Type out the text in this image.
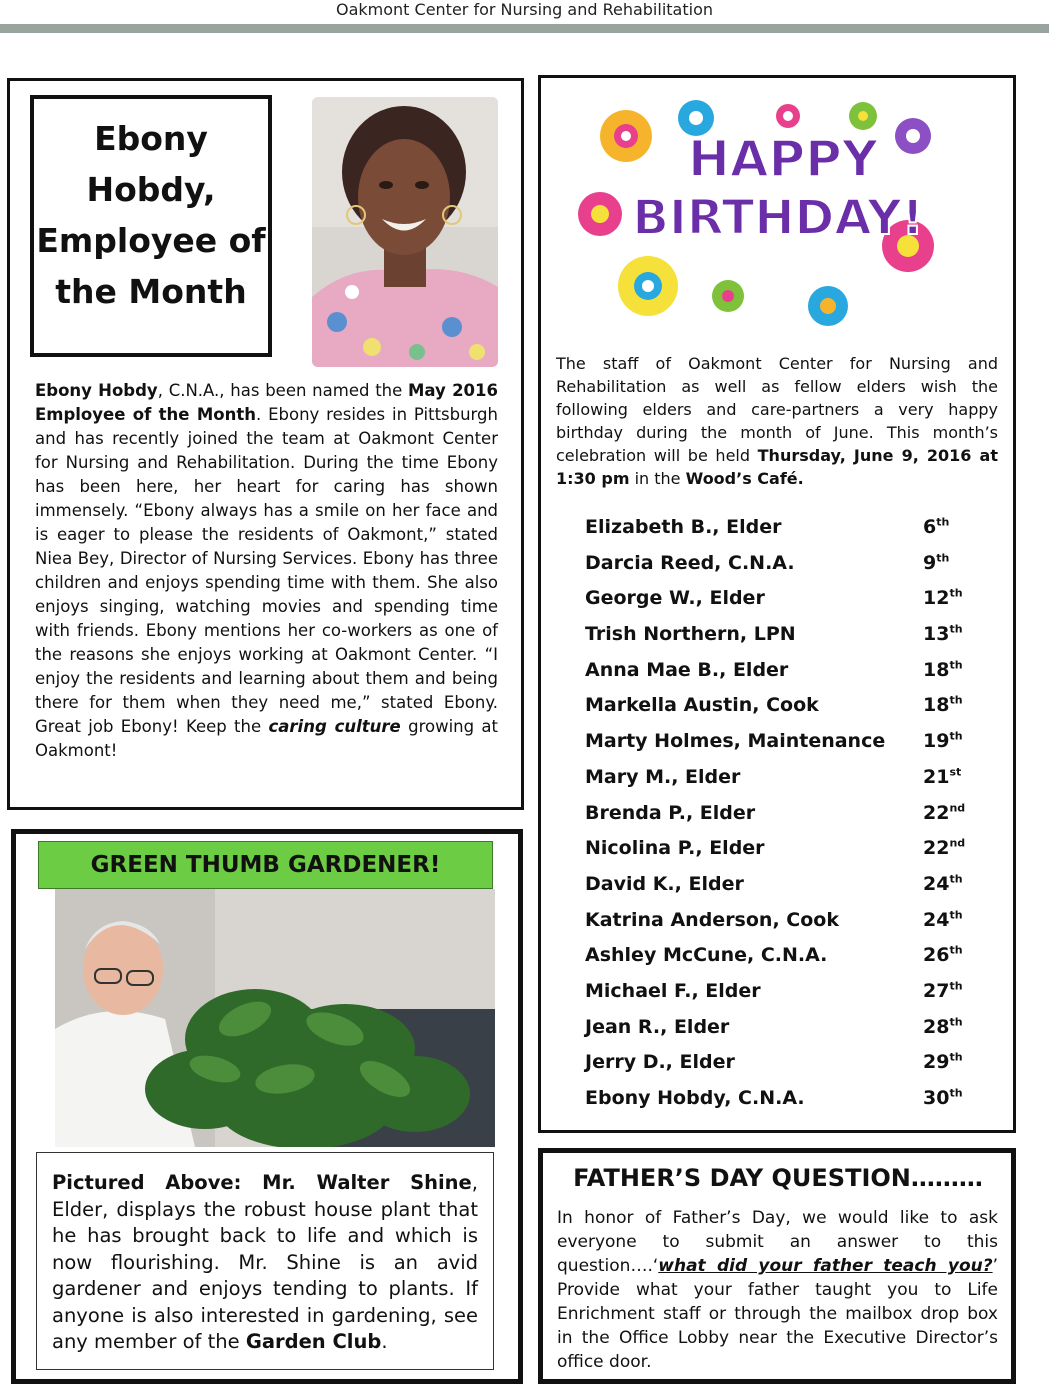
Oakmont Center for Nursing and Rehabilitation
Ebony Hobdy, Employee of the Month
Ebony Hobdy, C.N.A., has been named the May 2016 Employee of the Month. Ebony resides in Pittsburgh and has recently joined the team at Oakmont Center for Nursing and Rehabilitation. During the time Ebony has been here, her heart for caring has shown immensely. “Ebony always has a smile on her face and is eager to please the residents of Oakmont,” stated Niea Bey, Director of Nursing Services. Ebony has three children and enjoys spending time with them. She also enjoys singing, watching movies and spending time with friends. Ebony mentions her co-workers as one of the reasons she enjoys working at Oakmont Center. “I enjoy the residents and learning about them and being there for them when they need me,” stated Ebony. Great job Ebony! Keep the caring culture growing at Oakmont!
HAPPY
BIRTHDAY!
The staff of Oakmont Center for Nursing and Rehabilitation as well as fellow elders wish the following elders and care-partners a very happy birthday during the month of June. This month’s celebration will be held Thursday, June 9, 2016 at 1:30 pm in the Wood’s Café.
Elizabeth B., Elder	6th
Darcia Reed, C.N.A.	9th
George W., Elder	12th
Trish Northern, LPN	13th
Anna Mae B., Elder	18th
Markella Austin, Cook	18th
Marty Holmes, Maintenance 19th
Mary M., Elder	21st
Brenda P., Elder	22nd
Nicolina P., Elder	22nd
David K., Elder	24th
Katrina Anderson, Cook	24th
Ashley McCune, C.N.A.	26th
Michael F., Elder	27th
Jean R., Elder	28th
Jerry D., Elder	29th
Ebony Hobdy, C.N.A.	30th
GREEN THUMB GARDENER!
Pictured Above: Mr. Walter Shine, Elder, displays the robust house plant that he has brought back to life and which is now flourishing. Mr. Shine is an avid gardener and enjoys tending to plants. If anyone is also interested in gardening, see any member of the Garden Club.
FATHER’S DAY QUESTION………
In honor of Father’s Day, we would like to ask everyone to submit an answer to this question….‘what did your father teach you?’ Provide what your father taught you to Life Enrichment staff or through the mailbox drop box in the Office Lobby near the Executive Director’s office door.
